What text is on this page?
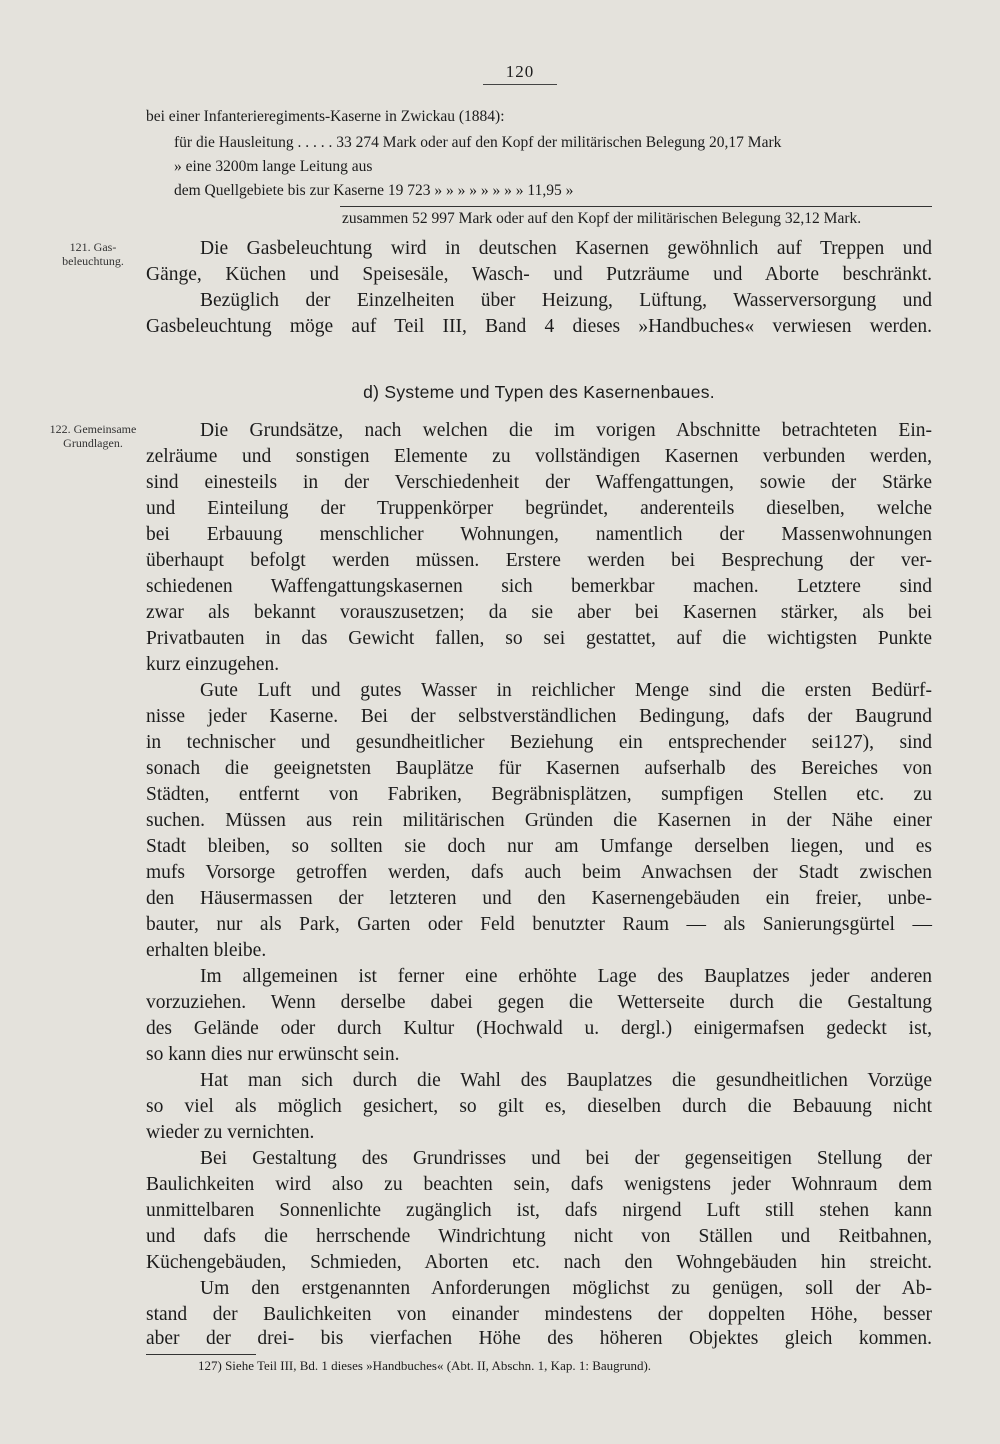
120
bei einer Infanterieregiments-Kaserne in Zwickau (1884):
für die Hausleitung . . . . . 33 274 Mark oder auf den Kopf der militärischen Belegung 20,17 Mark
» eine 3200m lange Leitung aus
dem Quellgebiete bis zur Kaserne 19 723 » » » » » » » » 11,95 »
zusammen 52 997 Mark oder auf den Kopf der militärischen Belegung 32,12 Mark.
121. Gas- beleuchtung.
122. Gemeinsame Grundlagen.
d) Systeme und Typen des Kasernenbaues.
Die Gasbeleuchtung wird in deutschen Kasernen gewöhnlich auf Treppen und
Gänge, Küchen und Speisesäle, Wasch- und Putzräume und Aborte beschränkt.
Bezüglich der Einzelheiten über Heizung, Lüftung, Wasserversorgung und
Gasbeleuchtung möge auf Teil III, Band 4 dieses »Handbuches« verwiesen werden.
Die Grundsätze, nach welchen die im vorigen Abschnitte betrachteten Ein-
zelräume und sonstigen Elemente zu vollständigen Kasernen verbunden werden,
sind einesteils in der Verschiedenheit der Waffengattungen, sowie der Stärke
und Einteilung der Truppenkörper begründet, anderenteils dieselben, welche
bei Erbauung menschlicher Wohnungen, namentlich der Massenwohnungen
überhaupt befolgt werden müssen. Erstere werden bei Besprechung der ver-
schiedenen Waffengattungskasernen sich bemerkbar machen. Letztere sind
zwar als bekannt vorauszusetzen; da sie aber bei Kasernen stärker, als bei
Privatbauten in das Gewicht fallen, so sei gestattet, auf die wichtigsten Punkte
kurz einzugehen.
Gute Luft und gutes Wasser in reichlicher Menge sind die ersten Bedürf-
nisse jeder Kaserne. Bei der selbstverständlichen Bedingung, dafs der Baugrund
in technischer und gesundheitlicher Beziehung ein entsprechender sei127), sind
sonach die geeignetsten Bauplätze für Kasernen aufserhalb des Bereiches von
Städten, entfernt von Fabriken, Begräbnisplätzen, sumpfigen Stellen etc. zu
suchen. Müssen aus rein militärischen Gründen die Kasernen in der Nähe einer
Stadt bleiben, so sollten sie doch nur am Umfange derselben liegen, und es
mufs Vorsorge getroffen werden, dafs auch beim Anwachsen der Stadt zwischen
den Häusermassen der letzteren und den Kasernengebäuden ein freier, unbe-
bauter, nur als Park, Garten oder Feld benutzter Raum — als Sanierungsgürtel —
erhalten bleibe.
Im allgemeinen ist ferner eine erhöhte Lage des Bauplatzes jeder anderen
vorzuziehen. Wenn derselbe dabei gegen die Wetterseite durch die Gestaltung
des Gelände oder durch Kultur (Hochwald u. dergl.) einigermafsen gedeckt ist,
so kann dies nur erwünscht sein.
Hat man sich durch die Wahl des Bauplatzes die gesundheitlichen Vorzüge
so viel als möglich gesichert, so gilt es, dieselben durch die Bebauung nicht
wieder zu vernichten.
Bei Gestaltung des Grundrisses und bei der gegenseitigen Stellung der
Baulichkeiten wird also zu beachten sein, dafs wenigstens jeder Wohnraum dem
unmittelbaren Sonnenlichte zugänglich ist, dafs nirgend Luft still stehen kann
und dafs die herrschende Windrichtung nicht von Ställen und Reitbahnen,
Küchengebäuden, Schmieden, Aborten etc. nach den Wohngebäuden hin streicht.
Um den erstgenannten Anforderungen möglichst zu genügen, soll der Ab-
stand der Baulichkeiten von einander mindestens der doppelten Höhe, besser
aber der drei- bis vierfachen Höhe des höheren Objektes gleich kommen.
127) Siehe Teil III, Bd. 1 dieses »Handbuches« (Abt. II, Abschn. 1, Kap. 1: Baugrund).
